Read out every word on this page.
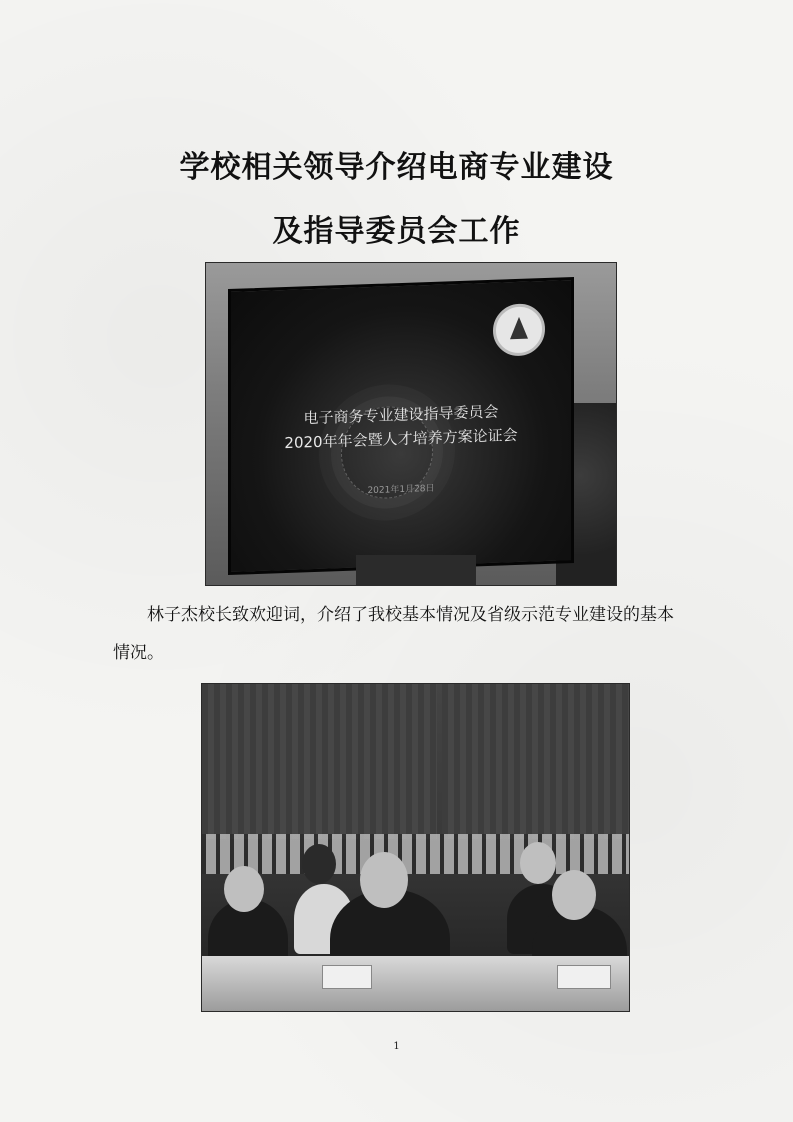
学校相关领导介绍电商专业建设
及指导委员会工作
电子商务专业建设指导委员会
2020年年会暨人才培养方案论证会
2021年1月28日

林子杰校长致欢迎词，介绍了我校基本情况及省级示范专业建设的基本情况。

1
